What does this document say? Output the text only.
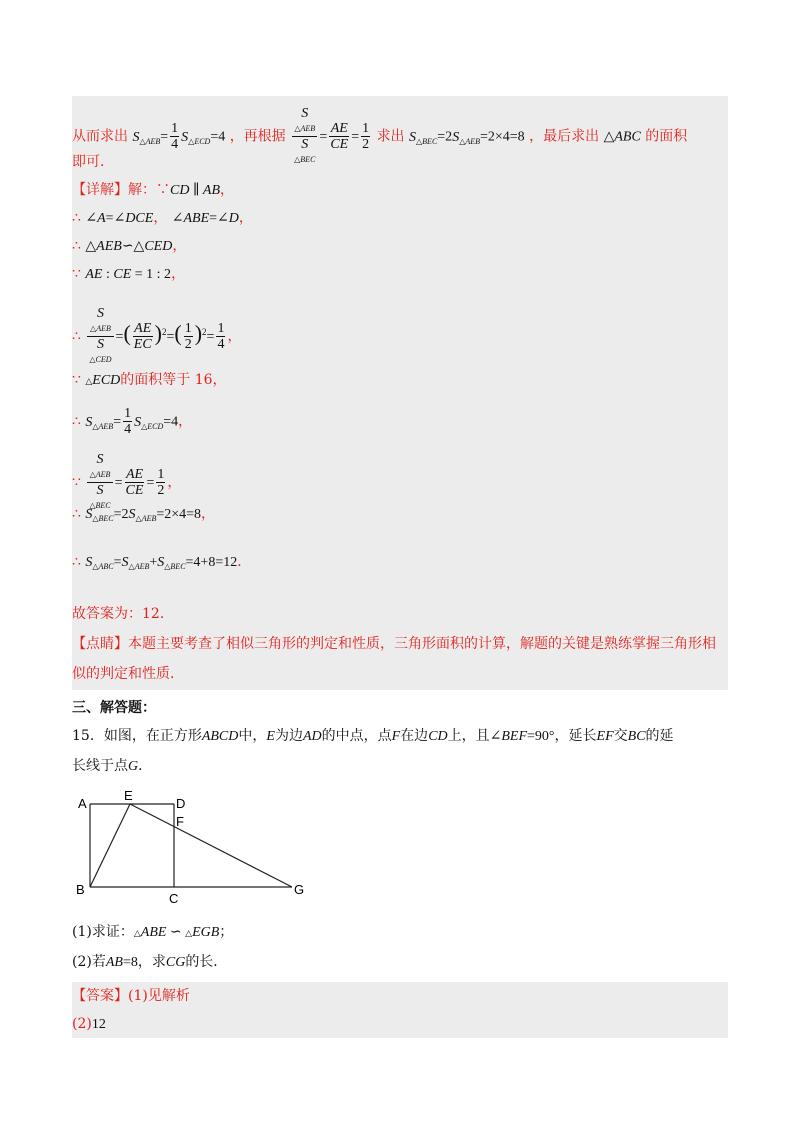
从而求出 $S_{\triangle AEB}= \frac{1}{4} S_{\triangle ECD}=4$ ，再根据 S
△AEB
S
△BEC = $\frac{AE}{CE} = \frac{1}{2}$ 求出 $S_{\triangle BEC}=2S_{\triangle AEB}=2\times 4=8$ ，最后求出 △ABC 的面积
即可．
【详解】解：∵CD ∥ AB，
∴ ∠A=∠DCE， ∠ABE=∠D，
∴ △AEB∽△CED，
∵ AE : CE = 1 : 2，
∴ S
△AEB
S
△CED =( $\frac{AE}{EC} )^2=( \frac{1}{2} )^2= \frac{1}{4}$ ，
∵ △ECD的面积等于 16，
∴ $S_{\triangle AEB}= \frac{1}{4} S_{\triangle ECD}=4$，
∵ S
△AEB
S
△BEC = $\frac{AE}{CE} = \frac{1}{2}$ ，
∴ $S_{\triangle BEC}=2S_{\triangle AEB}=2\times 4=8$，
∴ $S_{\triangle ABC}=S_{\triangle AEB}+S_{\triangle BEC}=4+8=12$．
故答案为：12．
【点睛】本题主要考查了相似三角形的判定和性质，三角形面积的计算，解题的关键是熟练掌握三角形相
似的判定和性质．
三、解答题：
15．如图，在正方形ABCD中，E为边AD的中点，点F在边CD上，且∠BEF=90°，延长EF交BC的延
长线于点G．
A
E
D
F
B
C
G
(1)求证：△ABE ∽ △EGB；
(2)若AB=8，求CG的长．
【答案】(1)见解析
(2)12
